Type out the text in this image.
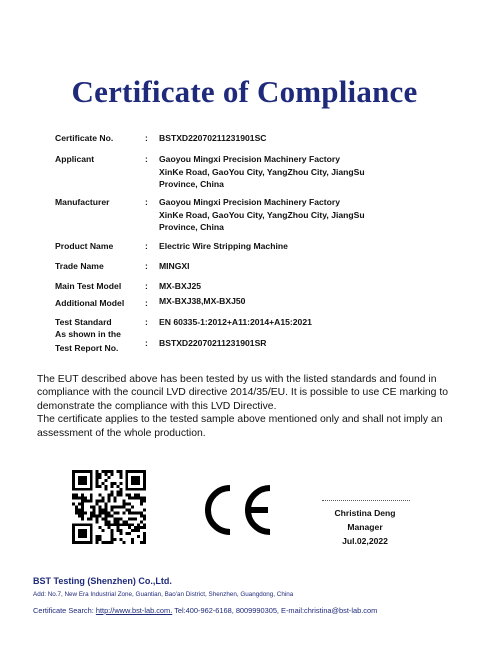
Certificate of Compliance
Certificate No.	: BSTXD22070211231901SC
Applicant	: Gaoyou Mingxi Precision Machinery Factory
XinKe Road, GaoYou City, YangZhou City, JiangSu
Province, China
Manufacturer	: Gaoyou Mingxi Precision Machinery Factory
XinKe Road, GaoYou City, YangZhou City, JiangSu
Province, China
Product Name	: Electric Wire Stripping Machine
Trade Name	: MINGXI
Main Test Model	: MX-BXJ25
Additional Model : MX-BXJ38,MX-BXJ50
Test Standard	: EN 60335-1:2012+A11:2014+A15:2021
As shown in the
Test Report No.	: BSTXD22070211231901SR

The EUT described above has been tested by us with the listed standards and found in compliance with the council LVD directive 2014/35/EU. It is possible to use CE marking to demonstrate the compliance with this LVD Directive.

The certificate applies to the tested sample above mentioned only and shall not imply an assessment of the whole production.

Christina Deng
Manager
Jul.02,2022
BST Testing (Shenzhen) Co.,Ltd.
Add: No.7, New Era Industrial Zone, Guantian, Bao'an District, Shenzhen, Guangdong, China
Certificate Search: http://www.bst-lab.com. Tel:400-962-6168, 8009990305, E-mail:christina@bst-lab.com
